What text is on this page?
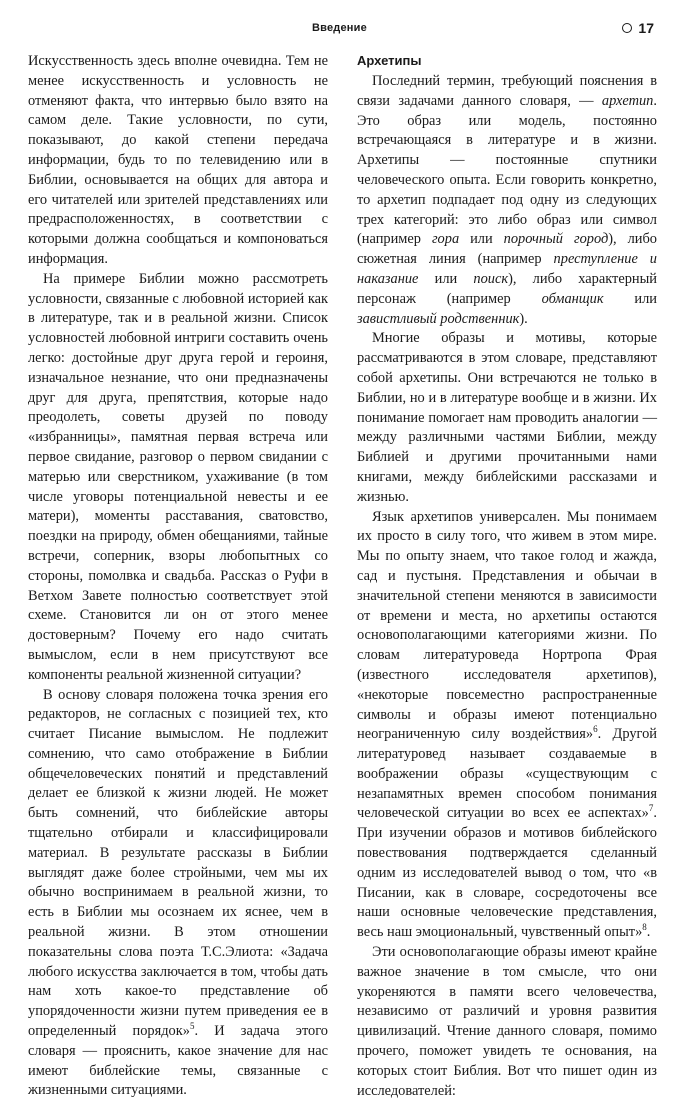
Введение	17

Искусственность здесь вполне очевидна. Тем не менее искусственность и условность не отменяют факта, что интервью было взято на самом деле. Такие условности, по сути, показывают, до какой степени передача информации, будь то по телевидению или в Библии, основывается на общих для автора и его читателей или зрителей представлениях или предрасположенностях, в соответствии с которыми должна сообщаться и компоноваться информация.

На примере Библии можно рассмотреть условности, связанные с любовной историей как в литературе, так и в реальной жизни. Список условностей любовной интриги составить очень легко: достойные друг друга герой и героиня, изначальное незнание, что они предназначены друг для друга, препятствия, которые надо преодолеть, советы друзей по поводу «избранницы», памятная первая встреча или первое свидание, разговор о первом свидании с матерью или сверстником, ухаживание (в том числе уговоры потенциальной невесты и ее матери), моменты расставания, сватовство, поездки на природу, обмен обещаниями, тайные встречи, соперник, взоры любопытных со стороны, помолвка и свадьба. Рассказ о Руфи в Ветхом Завете полностью соответствует этой схеме. Становится ли он от этого менее достоверным? Почему его надо считать вымыслом, если в нем присутствуют все компоненты реальной жизненной ситуации?

В основу словаря положена точка зрения его редакторов, не согласных с позицией тех, кто считает Писание вымыслом. Не подлежит сомнению, что само отображение в Библии общечеловеческих понятий и представлений делает ее близкой к жизни людей. Не может быть сомнений, что библейские авторы тщательно отбирали и классифицировали материал. В результате рассказы в Библии выглядят даже более стройными, чем мы их обычно воспринимаем в реальной жизни, то есть в Библии мы осознаем их яснее, чем в реальной жизни. В этом отношении показательны слова поэта Т.С.Элиота: «Задача любого искусства заключается в том, чтобы дать нам хоть какое-то представление об упорядоченности жизни путем приведения ее в определенный порядок»$^5$. И задача этого словаря — прояснить, какое значение для нас имеют библейские темы, связанные с жизненными ситуациями.

Архетипы

Последний термин, требующий пояснения в связи задачами данного словаря, — архетип. Это образ или модель, постоянно встречающаяся в литературе и в жизни. Архетипы — постоянные спутники человеческого опыта. Если говорить конкретно, то архетип подпадает под одну из следующих трех категорий: это либо образ или символ (например гора или порочный город), либо сюжетная линия (например преступление и наказание или поиск), либо характерный персонаж (например обманщик или завистливый родственник).

Многие образы и мотивы, которые рассматриваются в этом словаре, представляют собой архетипы. Они встречаются не только в Библии, но и в литературе вообще и в жизни. Их понимание помогает нам проводить аналогии — между различными частями Библии, между Библией и другими прочитанными нами книгами, между библейскими рассказами и жизнью.

Язык архетипов универсален. Мы понимаем их просто в силу того, что живем в этом мире. Мы по опыту знаем, что такое голод и жажда, сад и пустыня. Представления и обычаи в значительной степени меняются в зависимости от времени и места, но архетипы остаются основополагающими категориями жизни. По словам литературоведа Нортропа Фрая (известного исследователя архетипов), «некоторые повсеместно распространенные символы и образы имеют потенциально неограниченную силу воздействия»$^6$. Другой литературовед называет создаваемые в воображении образы «существующим с незапамятных времен способом понимания человеческой ситуации во всех ее аспектах»$^7$. При изучении образов и мотивов библейского повествования подтверждается сделанный одним из исследователей вывод о том, что «в Писании, как в словаре, сосредоточены все наши основные человеческие представления, весь наш эмоциональный, чувственный опыт»$^8$.

Эти основополагающие образы имеют крайне важное значение в том смысле, что они укореняются в памяти всего человечества, независимо от различий и уровня развития цивилизаций. Чтение данного словаря, помимо прочего, поможет увидеть те основания, на которых стоит Библия. Вот что пишет один из исследователей:
